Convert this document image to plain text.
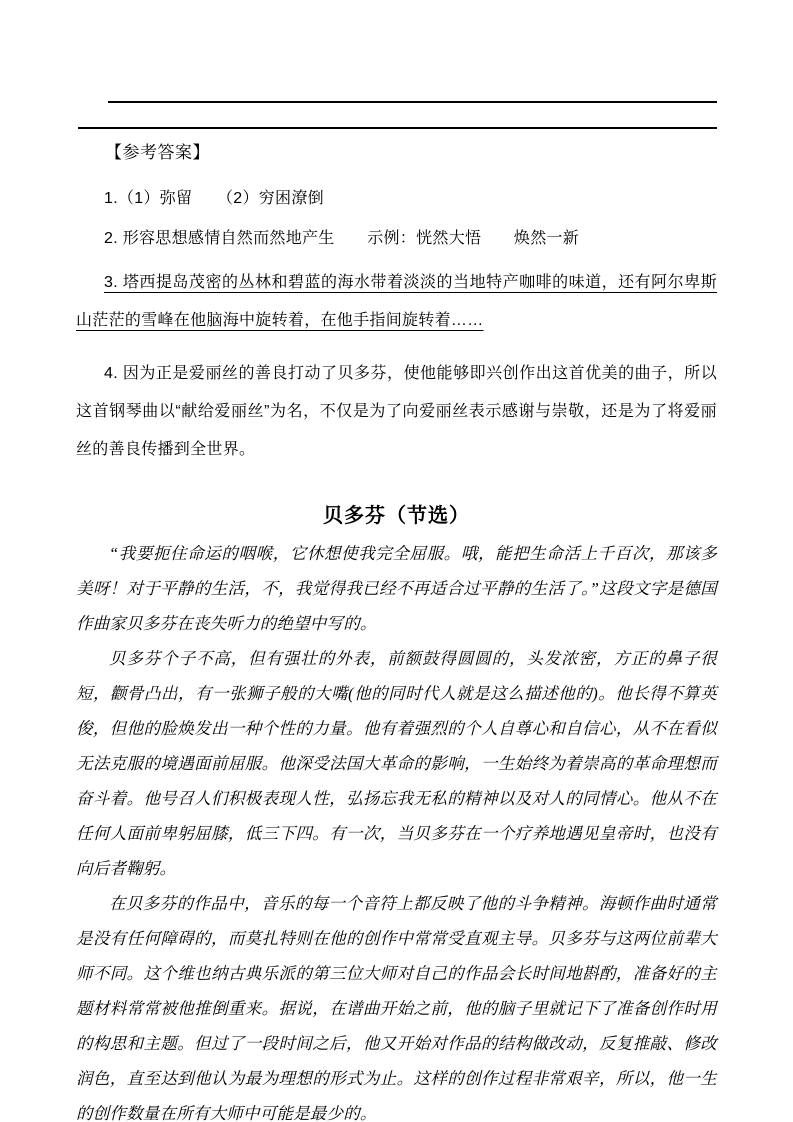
【参考答案】

1.（1）弥留　　（2）穷困潦倒

2. 形容思想感情自然而然地产生　　示例：恍然大悟　　焕然一新

3. 塔西提岛茂密的丛林和碧蓝的海水带着淡淡的当地特产咖啡的味道，还有阿尔卑斯山茫茫的雪峰在他脑海中旋转着，在他手指间旋转着……

4. 因为正是爱丽丝的善良打动了贝多芬，使他能够即兴创作出这首优美的曲子，所以这首钢琴曲以“献给爱丽丝”为名，不仅是为了向爱丽丝表示感谢与崇敬，还是为了将爱丽丝的善良传播到全世界。

贝多芬（节选）

“我要扼住命运的咽喉，它休想使我完全屈服。哦，能把生命活上千百次，那该多美呀！对于平静的生活，不，我觉得我已经不再适合过平静的生活了。”这段文字是德国作曲家贝多芬在丧失听力的绝望中写的。

贝多芬个子不高，但有强壮的外表，前额鼓得圆圆的，头发浓密，方正的鼻子很短，颧骨凸出，有一张狮子般的大嘴(他的同时代人就是这么描述他的)。他长得不算英俊，但他的脸焕发出一种个性的力量。他有着强烈的个人自尊心和自信心，从不在看似无法克服的境遇面前屈服。他深受法国大革命的影响，一生始终为着崇高的革命理想而奋斗着。他号召人们积极表现人性，弘扬忘我无私的精神以及对人的同情心。他从不在任何人面前卑躬屈膝，低三下四。有一次，当贝多芬在一个疗养地遇见皇帝时，也没有向后者鞠躬。

在贝多芬的作品中，音乐的每一个音符上都反映了他的斗争精神。海顿作曲时通常是没有任何障碍的，而莫扎特则在他的创作中常常受直观主导。贝多芬与这两位前辈大师不同。这个维也纳古典乐派的第三位大师对自己的作品会长时间地斟酌，准备好的主题材料常常被他推倒重来。据说，在谱曲开始之前，他的脑子里就记下了准备创作时用的构思和主题。但过了一段时间之后，他又开始对作品的结构做改动，反复推敲、修改润色，直至达到他认为最为理想的形式为止。这样的创作过程非常艰辛，所以，他一生的创作数量在所有大师中可能是最少的。
